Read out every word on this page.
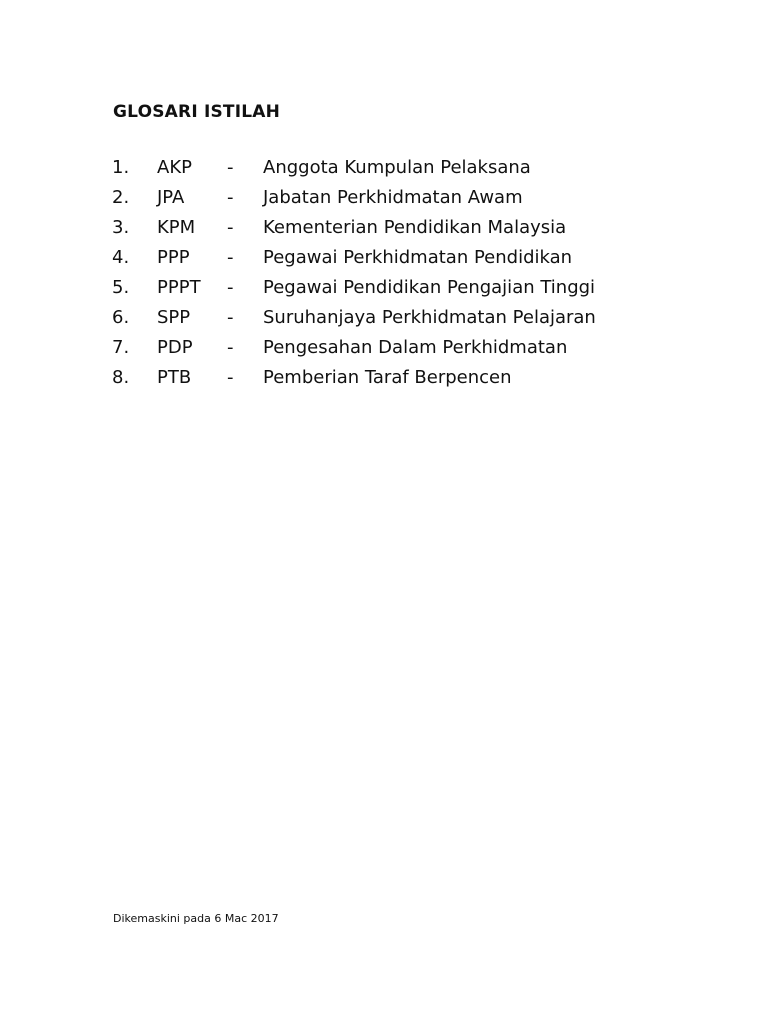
GLOSARI ISTILAH
1. AKP - Anggota Kumpulan Pelaksana
2. JPA - Jabatan Perkhidmatan Awam
3. KPM - Kementerian Pendidikan Malaysia
4. PPP - Pegawai Perkhidmatan Pendidikan
5. PPPT - Pegawai Pendidikan Pengajian Tinggi
6. SPP - Suruhanjaya Perkhidmatan Pelajaran
7. PDP - Pengesahan Dalam Perkhidmatan
8. PTB - Pemberian Taraf Berpencen

Dikemaskini pada 6 Mac 2017
